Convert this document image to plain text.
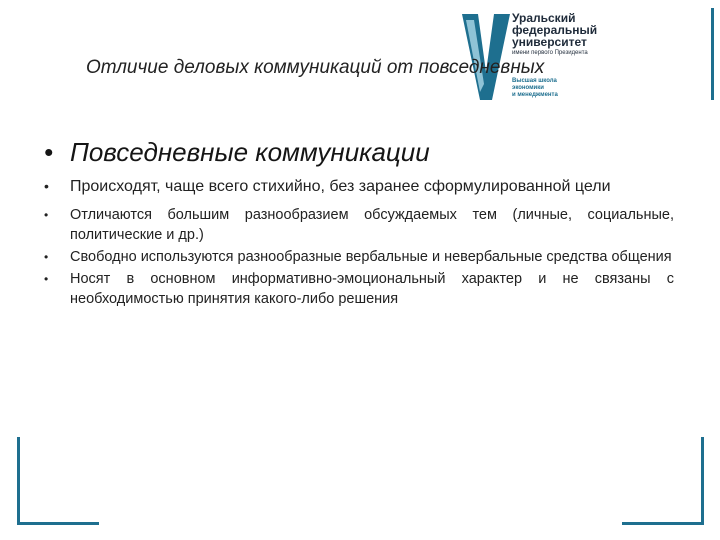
Уральский
федеральный
университет
имени первого Президента
Высшая школа
экономики
и менеджмента
Отличие деловых коммуникаций от повседневных
• Повседневные коммуникации
• Происходят, чаще всего стихийно, без заранее сформулированной цели
• Отличаются большим разнообразием обсуждаемых тем (личные, социальные, политические и др.)
• Свободно используются разнообразные вербальные и невербальные средства общения
• Носят в основном информативно-эмоциональный характер и не связаны с необходимостью принятия какого-либо решения
